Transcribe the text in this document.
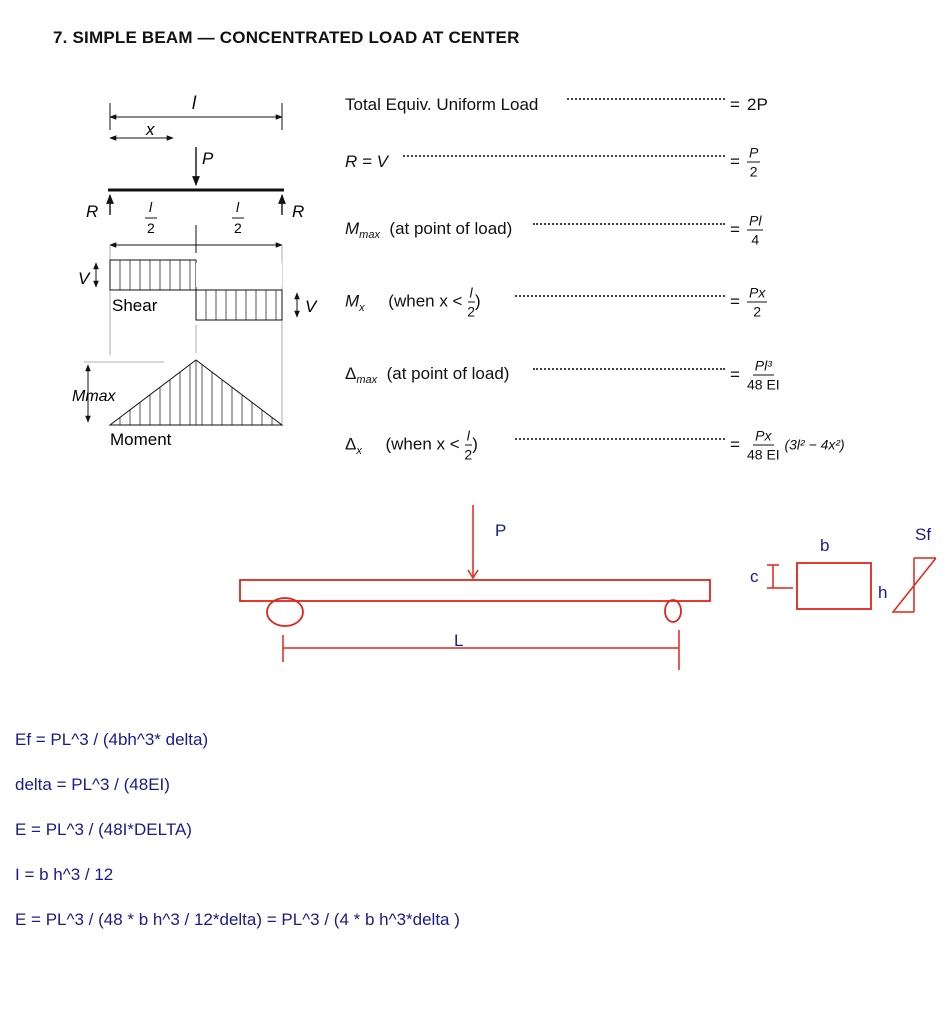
7. SIMPLE BEAM — CONCENTRATED LOAD AT CENTER
l
x
P
R	R
l
2
l
2
V
V
Shear
Mmax
Moment
Total Equiv. Uniform Load	= 2P
R = V	= $\frac{P}{2}$
$M_{max}$ (at point of load)	= $\frac{Pl}{4}$
$M_x$ (when $x < \frac{l}{2}$ )	= $\frac{Px}{2}$
$\Delta_{max}$ (at point of load)	= $\frac{\text{Pl³}}{48 EI}$
$\Delta_x$ (when $x < \frac{l}{2}$ )	= $\frac{Px}{48 EI} (3l^2 - 4x^2)$
P
L
b
c
h
Sf
Ef = PL^3 / (4bh^3* delta)
delta = PL^3 / (48EI)
E = PL^3 / (48I*DELTA)
I = b h^3 / 12
E = PL^3 / (48 * b h^3 / 12*delta) = PL^3 / (4 * b h^3*delta )
